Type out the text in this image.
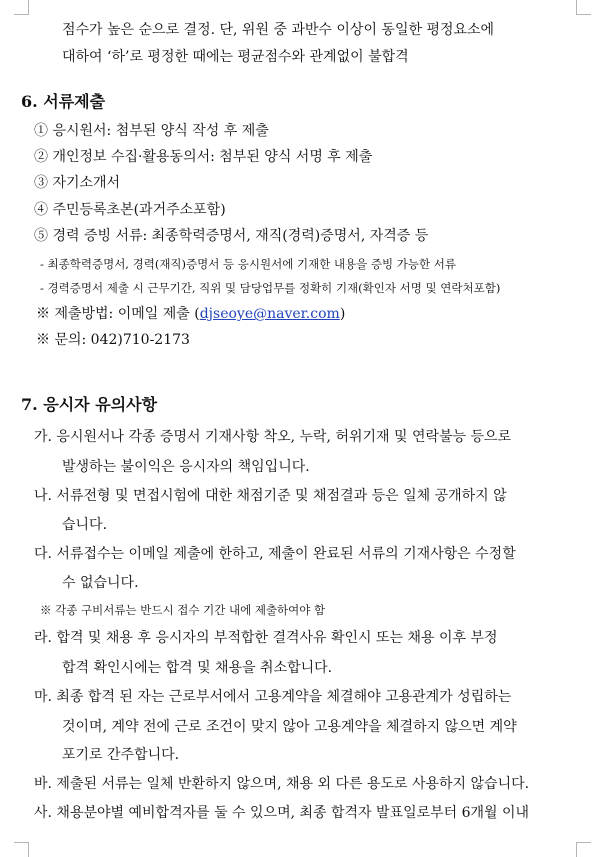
점수가 높은 순으로 결정. 단, 위원 중 과반수 이상이 동일한 평정요소에
대하여 ‘하’로 평정한 때에는 평균점수와 관계없이 불합격
6. 서류제출
① 응시원서: 첨부된 양식 작성 후 제출
② 개인정보 수집·활용동의서: 첨부된 양식 서명 후 제출
③ 자기소개서
④ 주민등록초본(과거주소포함)
⑤ 경력 증빙 서류: 최종학력증명서, 재직(경력)증명서, 자격증 등
- 최종학력증명서, 경력(재직)증명서 등 응시원서에 기재한 내용을 증빙 가능한 서류
- 경력증명서 제출 시 근무기간, 직위 및 담당업무를 정확히 기재(확인자 서명 및 연락처포함)
※ 제출방법: 이메일 제출 (djseoye@naver.com)
※ 문의: 042)710-2173
7. 응시자 유의사항
가. 응시원서나 각종 증명서 기재사항 착오, 누락, 허위기재 및 연락불능 등으로
발생하는 불이익은 응시자의 책임입니다.
나. 서류전형 및 면접시험에 대한 채점기준 및 채점결과 등은 일체 공개하지 않
습니다.
다. 서류접수는 이메일 제출에 한하고, 제출이 완료된 서류의 기재사항은 수정할
수 없습니다.
※ 각종 구비서류는 반드시 접수 기간 내에 제출하여야 함
라. 합격 및 채용 후 응시자의 부적합한 결격사유 확인시 또는 채용 이후 부정
합격 확인시에는 합격 및 채용을 취소합니다.
마. 최종 합격 된 자는 근로부서에서 고용계약을 체결해야 고용관계가 성립하는
것이며, 계약 전에 근로 조건이 맞지 않아 고용계약을 체결하지 않으면 계약
포기로 간주합니다.
바. 제출된 서류는 일체 반환하지 않으며, 채용 외 다른 용도로 사용하지 않습니다.
사. 채용분야별 예비합격자를 둘 수 있으며, 최종 합격자 발표일로부터 6개월 이내
